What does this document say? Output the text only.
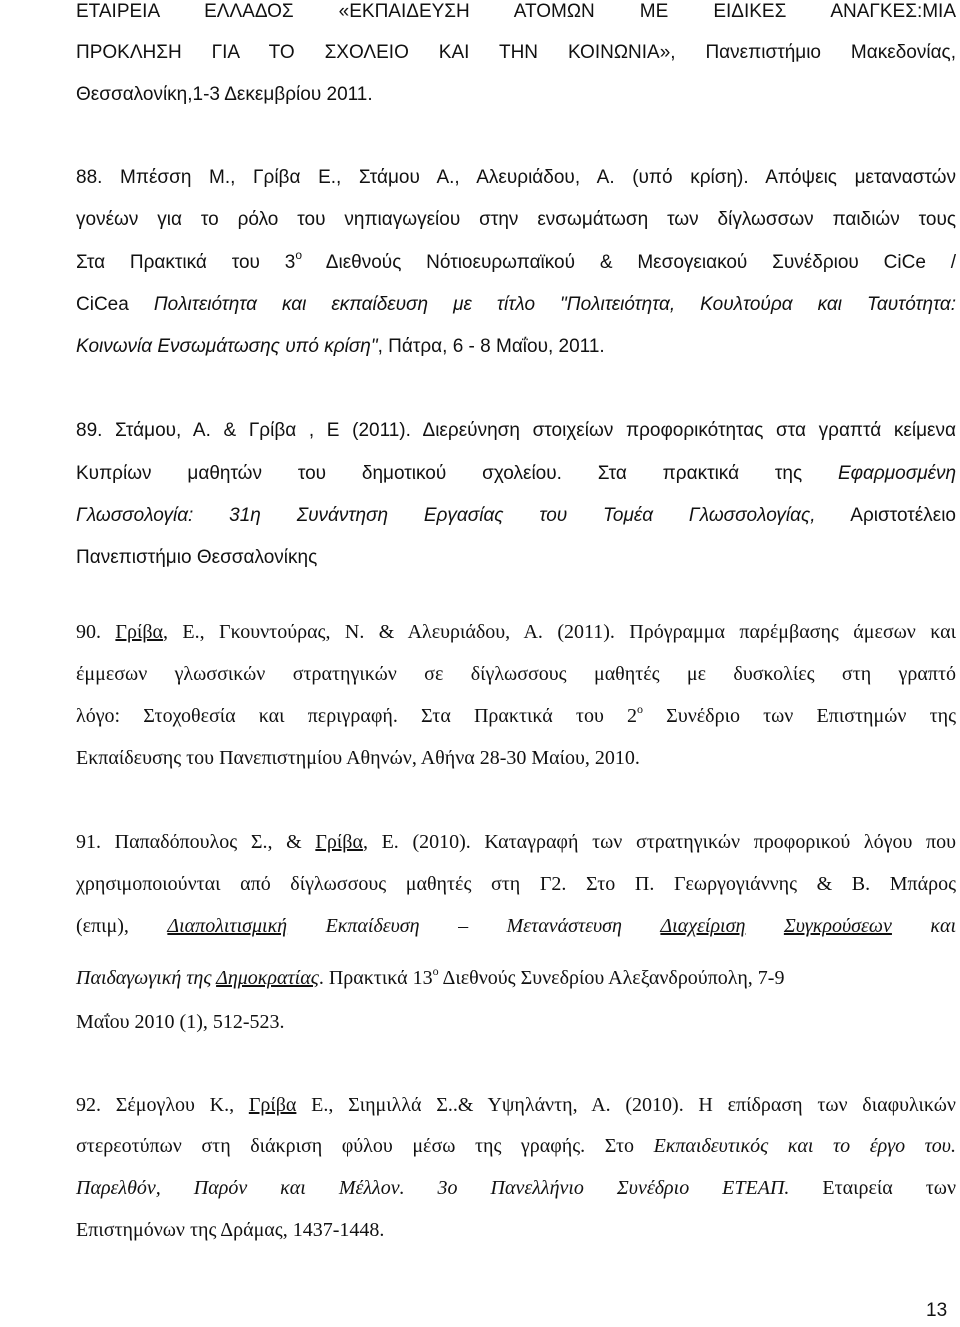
ΕΤΑΙΡΕΙΑ ΕΛΛΑΔΟΣ «ΕΚΠΑΙΔΕΥΣΗ ΑΤΟΜΩΝ ΜΕ ΕΙΔΙΚΕΣ ΑΝΑΓΚΕΣ:ΜΙΑ
ΠΡΟΚΛΗΣΗ ΓΙΑ ΤΟ ΣΧΟΛΕΙΟ ΚΑΙ ΤΗΝ ΚΟΙΝΩΝΙΑ», Πανεπιστήμιο Μακεδονίας,
Θεσσαλονίκη,1-3 Δεκεμβρίου 2011.
88. Μπέσση Μ., Γρίβα Ε., Στάμου Α., Αλευριάδου, Α. (υπό κρίση). Απόψεις μεταναστών
γονέων για το ρόλο του νηπιαγωγείου στην ενσωμάτωση των δίγλωσσων παιδιών τους
Στα Πρακτικά του $3^o$ Διεθνούς Νότιοευρωπαϊκού & Μεσογειακού Συνέδριου CiCe /
CiCea Πολιτειότητα και εκπαίδευση με τίτλο "Πολιτειότητα, Κουλτούρα και Ταυτότητα:
Κοινωνία Ενσωμάτωσης υπό κρίση", Πάτρα, 6 - 8 Μαΐου, 2011.
89. Στάμου, Α. & Γρίβα , Ε (2011). Διερεύνηση στοιχείων προφορικότητας στα γραπτά κείμενα
Κυπρίων μαθητών του δημοτικού σχολείου. Στα πρακτικά της Εφαρμοσμένη
Γλωσσολογία: 31η Συνάντηση Εργασίας του Τομέα Γλωσσολογίας, Αριστοτέλειο
Πανεπιστήμιο Θεσσαλονίκης
90. Γρίβα, Ε., Γκουντούρας, Ν. & Αλευριάδου, Α. (2011). Πρόγραμμα παρέμβασης άμεσων και
έμμεσων γλωσσικών στρατηγικών σε δίγλωσσους μαθητές με δυσκολίες στη γραπτό
λόγο: Στοχοθεσία και περιγραφή. Στα Πρακτικά του $2^o$ Συνέδριο των Επιστημών της
Εκπαίδευσης του Πανεπιστημίου Αθηνών, Αθήνα 28-30 Μαίου, 2010.
91. Παπαδόπουλος Σ., & Γρίβα, Ε. (2010). Καταγραφή των στρατηγικών προφορικού λόγου που
χρησιμοποιούνται από δίγλωσσους μαθητές στη Γ2. Στο Π. Γεωργογιάννης & Β. Μπάρος
(επιμ), Διαπολιτισμική Εκπαίδευση – Μετανάστευση Διαχείριση Συγκρούσεων και
Παιδαγωγική της Δημοκρατίας. Πρακτικά $13^o$ Διεθνούς Συνεδρίου Αλεξανδρούπολη, 7-9
Μαΐου 2010 (1), 512-523.
92. Σέμογλου Κ., Γρίβα Ε., Σιημιλλά Σ..& Υψηλάντη, Α. (2010). Η επίδραση των διαφυλικών
στερεοτύπων στη διάκριση φύλου μέσω της γραφής. Στο Εκπαιδευτικός και το έργο του.
Παρελθόν, Παρόν και Μέλλον. 3ο Πανελλήνιο Συνέδριο ΕΤΕΑΠ. Εταιρεία των
Επιστημόνων της Δράμας, 1437-1448.
13
